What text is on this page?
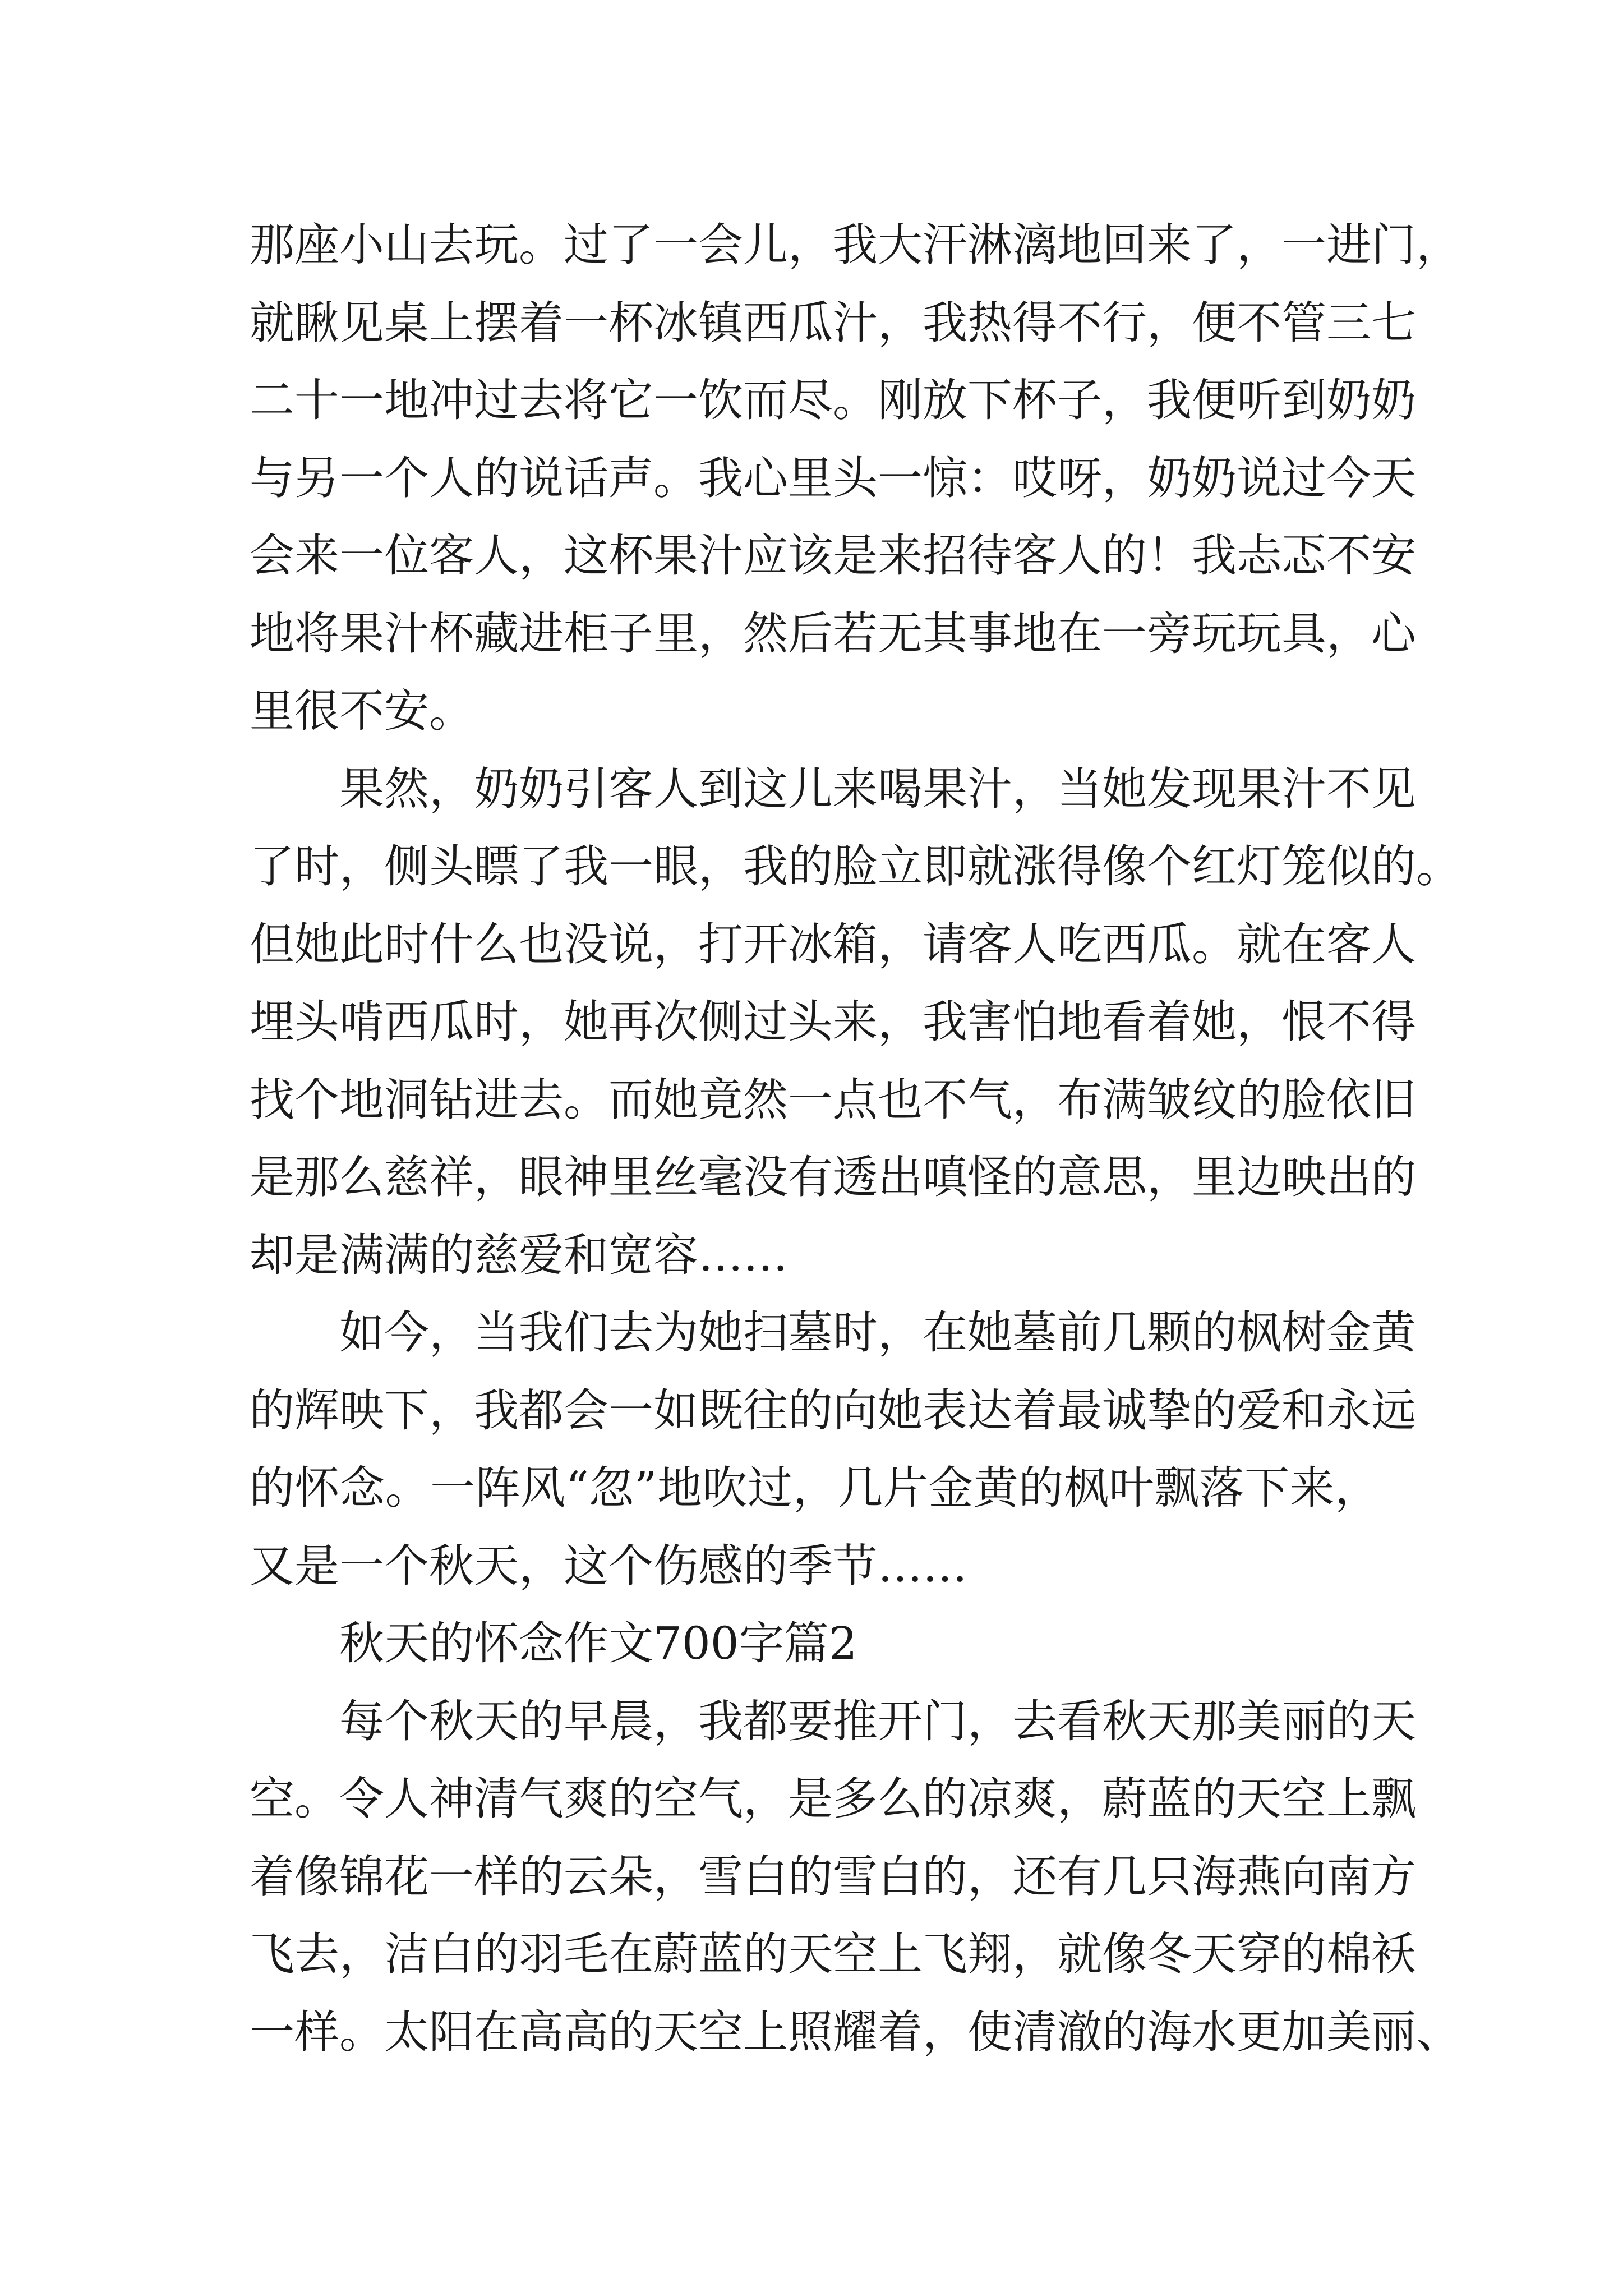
那座小山去玩。过了一会儿，我大汗淋漓地回来了，一进门，
就瞅见桌上摆着一杯冰镇西瓜汁，我热得不行，便不管三七
二十一地冲过去将它一饮而尽。刚放下杯子，我便听到奶奶
与另一个人的说话声。我心里头一惊：哎呀，奶奶说过今天
会来一位客人，这杯果汁应该是来招待客人的！我忐忑不安
地将果汁杯藏进柜子里，然后若无其事地在一旁玩玩具，心
里很不安。
果然，奶奶引客人到这儿来喝果汁，当她发现果汁不见
了时，侧头瞟了我一眼，我的脸立即就涨得像个红灯笼似的。
但她此时什么也没说，打开冰箱，请客人吃西瓜。就在客人
埋头啃西瓜时，她再次侧过头来，我害怕地看着她，恨不得
找个地洞钻进去。而她竟然一点也不气，布满皱纹的脸依旧
是那么慈祥，眼神里丝毫没有透出嗔怪的意思，里边映出的
却是满满的慈爱和宽容……
如今，当我们去为她扫墓时，在她墓前几颗的枫树金黄
的辉映下，我都会一如既往的向她表达着最诚挚的爱和永远
的怀念。一阵风“忽”地吹过，几片金黄的枫叶飘落下来，
又是一个秋天，这个伤感的季节……
秋天的怀念作文700字篇2
每个秋天的早晨，我都要推开门，去看秋天那美丽的天
空。令人神清气爽的空气，是多么的凉爽，蔚蓝的天空上飘
着像锦花一样的云朵，雪白的雪白的，还有几只海燕向南方
飞去，洁白的羽毛在蔚蓝的天空上飞翔，就像冬天穿的棉袄
一样。太阳在高高的天空上照耀着，使清澈的海水更加美丽、
